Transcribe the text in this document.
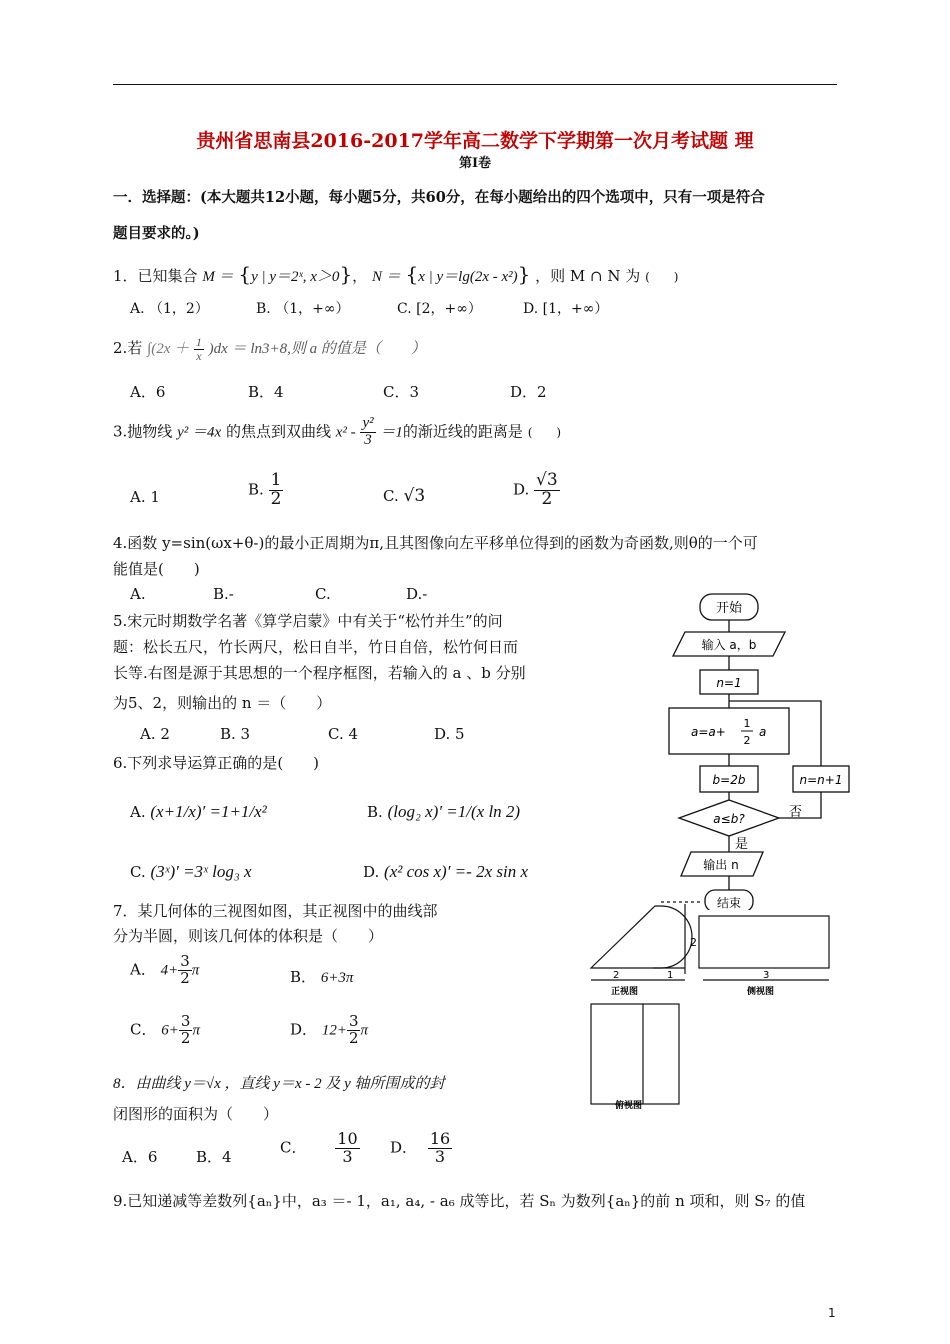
贵州省思南县2016-2017学年高二数学下学期第一次月考试题 理
第Ⅰ卷
一．选择题：(本大题共12小题，每小题5分，共60分，在每小题给出的四个选项中，只有一项是符合
题目要求的。)
1．已知集合 M ＝ {y | y＝2ˣ, x＞0}， N ＝ {x | y＝lg(2x - x²)} ，则 M ∩ N 为 (　　)
A. （1，2）	B. （1，+∞）	C. [2，+∞）	D. [1，+∞）
2.若 $\int(2x + \frac{1}{x} )dx = \ln 3+8$,则 a 的值是（　　）
A．6	B．4	C．3	D．2
3.抛物线 y² ＝4x 的焦点到双曲线 $x^2 - \frac{\text{y²}}{3} =1$的渐近线的距离是 (　　)
A. 1	B. $\frac{1}{2}$	C. √3	D. $\frac{√3}{2}$
4.函数 y=sin(ωx+θ-)的最小正周期为π,且其图像向左平移单位得到的函数为奇函数,则θ的一个可
能值是(　　)
A.	B.-	C.	D.-
5.宋元时期数学名著《算学启蒙》中有关于“松竹并生”的问
题：松长五尺，竹长两尺，松日自半，竹日自倍，松竹何日而
长等.右图是源于其思想的一个程序框图，若输入的 a 、b 分别
为5、2，则输出的 n ＝（　　）
A. 2	B. 3	C. 4	D. 5
开始
输入 a，b
n=1
a=a+
1
2
a
b=2b
a≤b?
n=n+1
否
是
输出 n
结束
6.下列求导运算正确的是(　　)
A. (x+1/x)′ =1+1/x²	B. (log₂ x)′ =1/(x ln 2)
C. (3ˣ)′ =3ˣ log₃ x	D. (x² cos x)′ =- 2x sin x
7．某几何体的三视图如图，其正视图中的曲线部
分为半圆，则该几何体的体积是（　　）
A． $4+ \frac{3}{2}$ π	B． 6+3π
C． $6+ \frac{3}{2}$ π	D． $12+ \frac{3}{2}$ π
2
2	1	3
正视图	侧视图
俯视图
8．由曲线 y＝√x ，直线 y＝x - 2 及 y 轴所围成的封
闭图形的面积为（　　）
A．6	B．4
C． $\frac{10}{3}$ D． $\frac{16}{3}$
9.已知递减等差数列{aₙ}中，a₃ ＝- 1，a₁, a₄, - a₆ 成等比，若 Sₙ 为数列{aₙ}的前 n 项和，则 S₇ 的值
1
